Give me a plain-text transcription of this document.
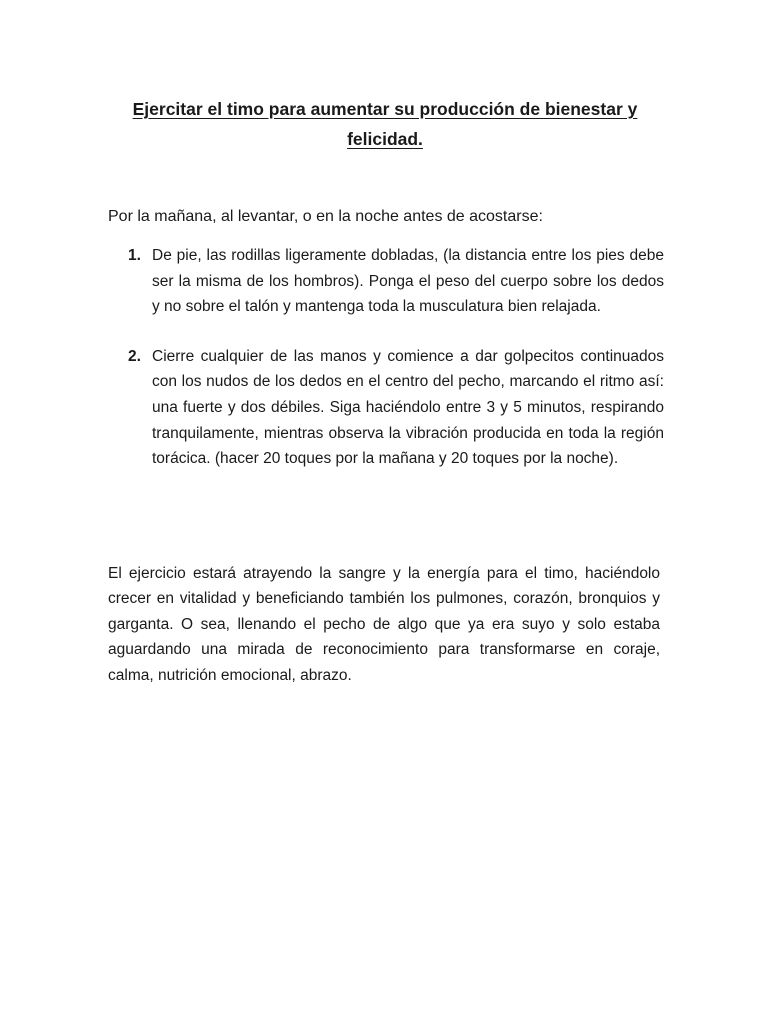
Ejercitar el timo para aumentar su producción de bienestar y felicidad.
Por la mañana, al levantar, o en la noche antes de acostarse:
1. De pie, las rodillas ligeramente dobladas, (la distancia entre los pies debe ser la misma de los hombros). Ponga el peso del cuerpo sobre los dedos y no sobre el talón y mantenga toda la musculatura bien relajada.
2. Cierre cualquier de las manos y comience a dar golpecitos continuados con los nudos de los dedos en el centro del pecho, marcando el ritmo así: una fuerte y dos débiles. Siga haciéndolo entre 3 y 5 minutos, respirando tranquilamente, mientras observa la vibración producida en toda la región torácica. (hacer 20 toques por la mañana y 20 toques por la noche).
El ejercicio estará atrayendo la sangre y la energía para el timo, haciéndolo crecer en vitalidad y beneficiando también los pulmones, corazón, bronquios y garganta. O sea, llenando el pecho de algo que ya era suyo y solo estaba aguardando una mirada de reconocimiento para transformarse en coraje, calma, nutrición emocional, abrazo.
